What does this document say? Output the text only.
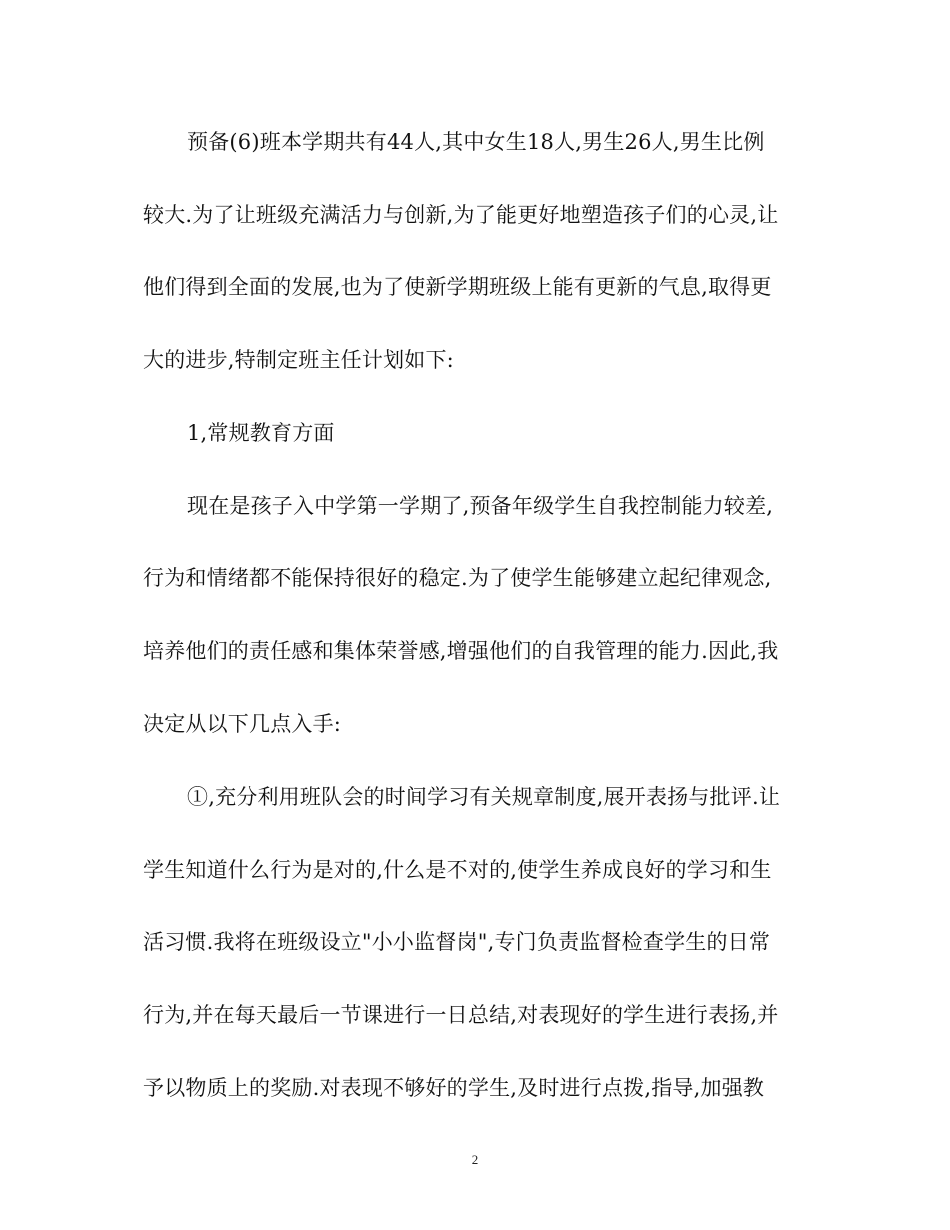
预备(6)班本学期共有44人,其中女生18人,男生26人,男生比例
较大.为了让班级充满活力与创新,为了能更好地塑造孩子们的心灵,让
他们得到全面的发展,也为了使新学期班级上能有更新的气息,取得更
大的进步,特制定班主任计划如下:
1,常规教育方面
现在是孩子入中学第一学期了,预备年级学生自我控制能力较差,
行为和情绪都不能保持很好的稳定.为了使学生能够建立起纪律观念,
培养他们的责任感和集体荣誉感,增强他们的自我管理的能力.因此,我
决定从以下几点入手:
①,充分利用班队会的时间学习有关规章制度,展开表扬与批评.让
学生知道什么行为是对的,什么是不对的,使学生养成良好的学习和生
活习惯.我将在班级设立"小小监督岗",专门负责监督检查学生的日常
行为,并在每天最后一节课进行一日总结,对表现好的学生进行表扬,并
予以物质上的奖励.对表现不够好的学生,及时进行点拨,指导,加强教
2
